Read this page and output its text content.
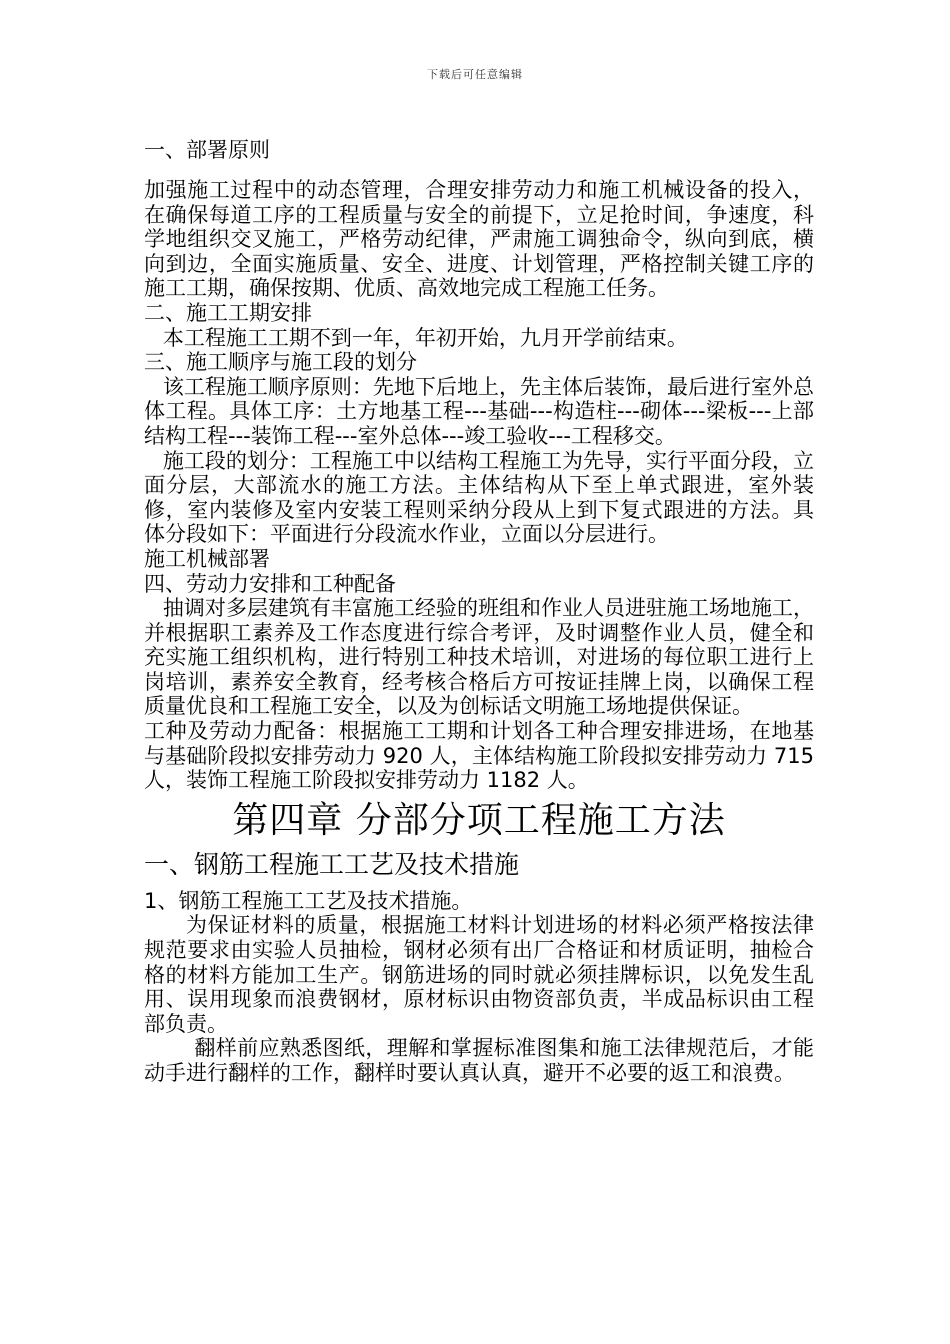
下载后可任意编辑
一、部署原则

加强施工过程中的动态管理，合理安排劳动力和施工机械设备的投入，在确保每道工序的工程质量与安全的前提下，立足抢时间，争速度，科学地组织交叉施工，严格劳动纪律，严肃施工调独命令，纵向到底，横向到边，全面实施质量、安全、进度、计划管理，严格控制关键工序的施工工期，确保按期、优质、高效地完成工程施工任务。

二、施工工期安排

本工程施工工期不到一年，年初开始，九月开学前结束。

三、施工顺序与施工段的划分

该工程施工顺序原则：先地下后地上，先主体后装饰，最后进行室外总体工程。具体工序：土方地基工程---基础---构造柱---砌体---梁板---上部结构工程---装饰工程---室外总体---竣工验收---工程移交。

施工段的划分：工程施工中以结构工程施工为先导，实行平面分段，立面分层，大部流水的施工方法。主体结构从下至上单式跟进，室外装修，室内装修及室内安装工程则采纳分段从上到下复式跟进的方法。具体分段如下：平面进行分段流水作业，立面以分层进行。

施工机械部署

四、劳动力安排和工种配备

抽调对多层建筑有丰富施工经验的班组和作业人员进驻施工场地施工，并根据职工素养及工作态度进行综合考评，及时调整作业人员，健全和充实施工组织机构，进行特别工种技术培训，对进场的每位职工进行上岗培训，素养安全教育，经考核合格后方可按证挂牌上岗，以确保工程质量优良和工程施工安全，以及为创标话文明施工场地提供保证。

工种及劳动力配备：根据施工工期和计划各工种合理安排进场，在地基与基础阶段拟安排劳动力 920 人，主体结构施工阶段拟安排劳动力 715 人，装饰工程施工阶段拟安排劳动力 1182 人。

第四章 分部分项工程施工方法
一、钢筋工程施工工艺及技术措施

1、钢筋工程施工工艺及技术措施。

为保证材料的质量，根据施工材料计划进场的材料必须严格按法律规范要求由实验人员抽检，钢材必须有出厂合格证和材质证明，抽检合格的材料方能加工生产。钢筋进场的同时就必须挂牌标识，以免发生乱用、误用现象而浪费钢材，原材标识由物资部负责，半成品标识由工程部负责。

翻样前应熟悉图纸，理解和掌握标准图集和施工法律规范后，才能动手进行翻样的工作，翻样时要认真认真，避开不必要的返工和浪费。
